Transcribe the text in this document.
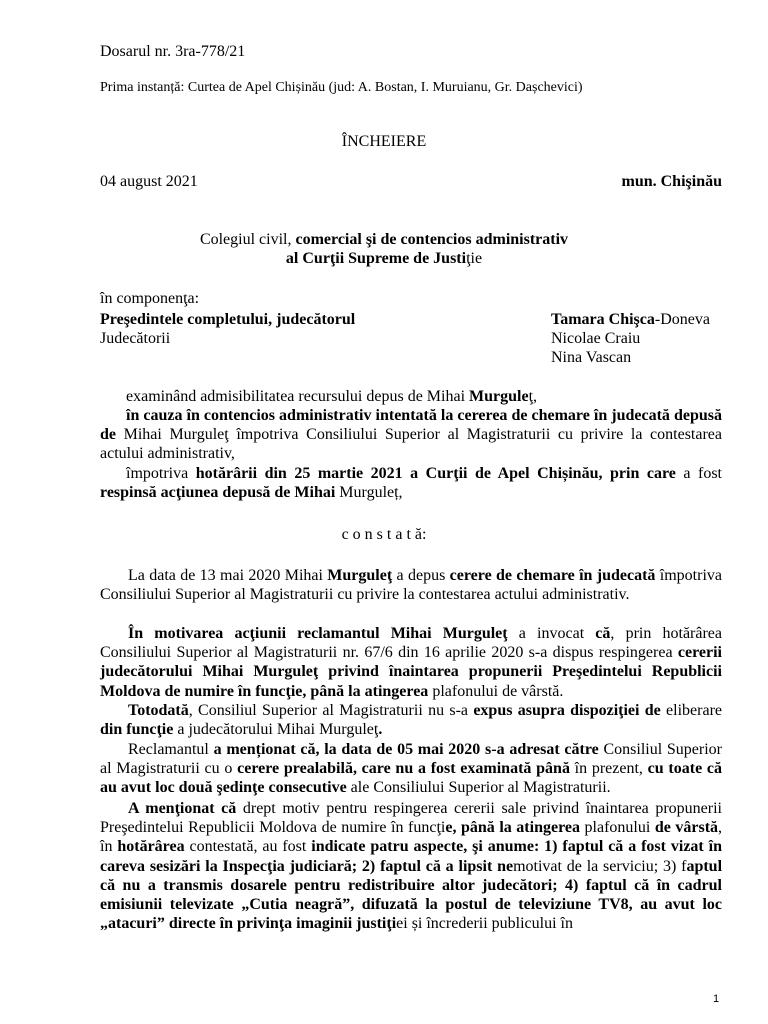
Dosarul nr. 3ra-778/21
Prima instanță: Curtea de Apel Chișinău (jud: A. Bostan, I. Muruianu, Gr. Dașchevici)
ÎNCHEIERE
04 august 2021	mun. Chişinău
Colegiul civil, comercial şi de contencios administrativ
al Curţii Supreme de Justiţie
în componenţa:
Preşedintele completului, judecătorul
Judecătorii
Tamara Chişca-Doneva
Nicolae Craiu
Nina Vascan
examinând admisibilitatea recursului depus de Mihai Murguleţ,
în cauza în contencios administrativ intentată la cererea de chemare în judecată depusă de Mihai Murguleţ împotriva Consiliului Superior al Magistraturii cu privire la contestarea actului administrativ,
împotriva hotărârii din 25 martie 2021 a Curţii de Apel Chișinău, prin care a fost respinsă acţiunea depusă de Mihai Murguleț,
c o n s t a t ă:
La data de 13 mai 2020 Mihai Murguleţ a depus cerere de chemare în judecată împotriva Consiliului Superior al Magistraturii cu privire la contestarea actului administrativ.
În motivarea acţiunii reclamantul Mihai Murguleţ a invocat că, prin hotărârea Consiliului Superior al Magistraturii nr. 67/6 din 16 aprilie 2020 s-a dispus respingerea cererii judecătorului Mihai Murguleţ privind înaintarea propunerii Preşedintelui Republicii Moldova de numire în funcţie, până la atingerea plafonului de vârstă.
Totodată, Consiliul Superior al Magistraturii nu s-a expus asupra dispoziţiei de eliberare din funcţie a judecătorului Mihai Murguleţ.
Reclamantul a menționat că, la data de 05 mai 2020 s-a adresat către Consiliul Superior al Magistraturii cu o cerere prealabilă, care nu a fost examinată până în prezent, cu toate că au avut loc două şedinţe consecutive ale Consiliului Superior al Magistraturii.
A menţionat că drept motiv pentru respingerea cererii sale privind înaintarea propunerii Preşedintelui Republicii Moldova de numire în funcţie, până la atingerea plafonului de vârstă, în hotărârea contestată, au fost indicate patru aspecte, şi anume: 1) faptul că a fost vizat în careva sesizări la Inspecţia judiciară; 2) faptul că a lipsit nemotivat de la serviciu; 3) faptul că nu a transmis dosarele pentru redistribuire altor judecători; 4) faptul că în cadrul emisiunii televizate „Cutia neagră”, difuzată la postul de televiziune TV8, au avut loc „atacuri” directe în privinţa imaginii justiţiei și încrederii publicului în
1
